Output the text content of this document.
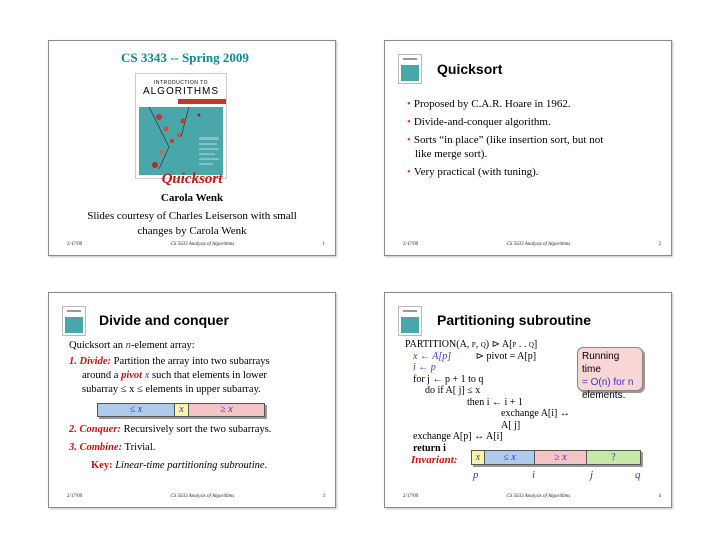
CS 3343 -- Spring 2009
INTRODUCTION TO
ALGORITHMS
Quicksort
Carola Wenk
Slides courtesy of Charles Leiserson with small
changes by Carola Wenk
2/17/09	CS 5633 Analysis of Algorithms	1
Quicksort
• Proposed by C.A.R. Hoare in 1962.
• Divide-and-conquer algorithm.
• Sorts “in place” (like insertion sort, but not
like merge sort).
• Very practical (with tuning).
2/17/09	CS 5633 Analysis of Algorithms	2
Divide and conquer
Quicksort an n-element array:
1. Divide: Partition the array into two subarrays
around a pivot x such that elements in lower
subarray ≤ x ≤ elements in upper subarray.
≤ x	x	≥ x
2. Conquer: Recursively sort the two subarrays.
3. Combine: Trivial.
Key: Linear-time partitioning subroutine.
2/17/09	CS 5633 Analysis of Algorithms	3
Partitioning subroutine
PARTITION(A, p, q) ⊳ A[p . . q]
x ← A[p] ⊳ pivot = A[p]
i ← p
for j ← p + 1 to q
do if A[ j] ≤ x
then i ← i + 1
exchange A[i] ↔ A[ j]
exchange A[p] ↔ A[i]
return i
Running time
= O(n) for n
elements.
Invariant:	x	≤ x	≥ x	?
p	i	j	q
2/17/09	CS 5633 Analysis of Algorithms	4
